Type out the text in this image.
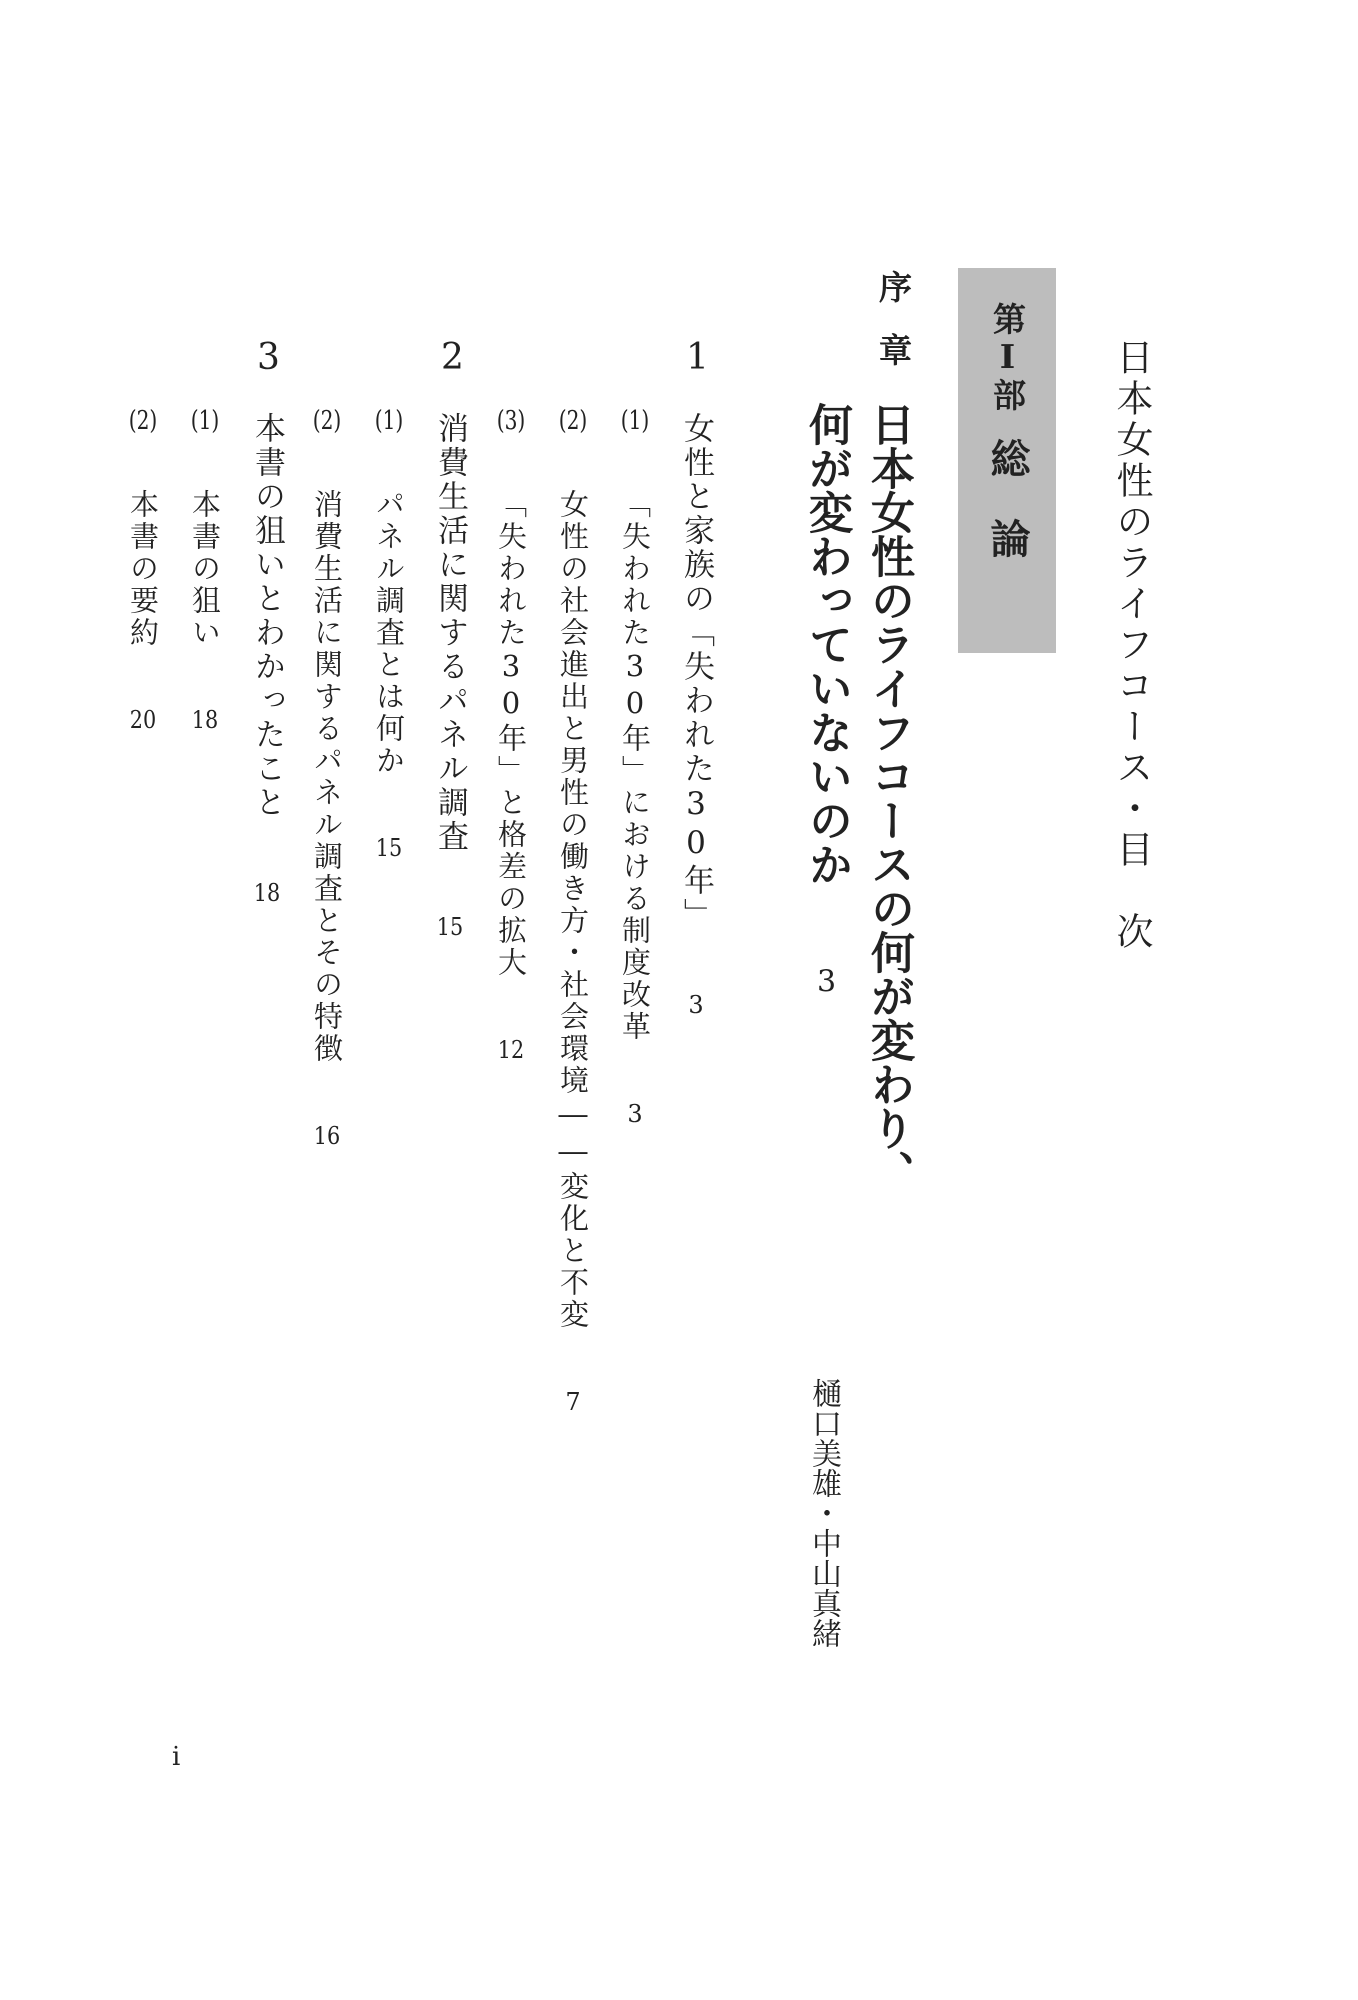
日本女性のライフコース・目　次
第Ⅰ部
総論
序章
日本女性のライフコースの何が変わり、
何が変わっていないのか 3
樋口美雄・中山真緒
1
女性と家族の「失われた30年」 3
(1) 「失われた30年」における制度改革 3
(2) 女性の社会進出と男性の働き方・社会環境――変化と不変 7
(3) 「失われた30年」と格差の拡大 12
2
消費生活に関するパネル調査 15
(1) パネル調査とは何か 15
(2) 消費生活に関するパネル調査とその特徴 16
3
本書の狙いとわかったこと 18
(1) 本書の狙い 18
(2) 本書の要約 20
i
